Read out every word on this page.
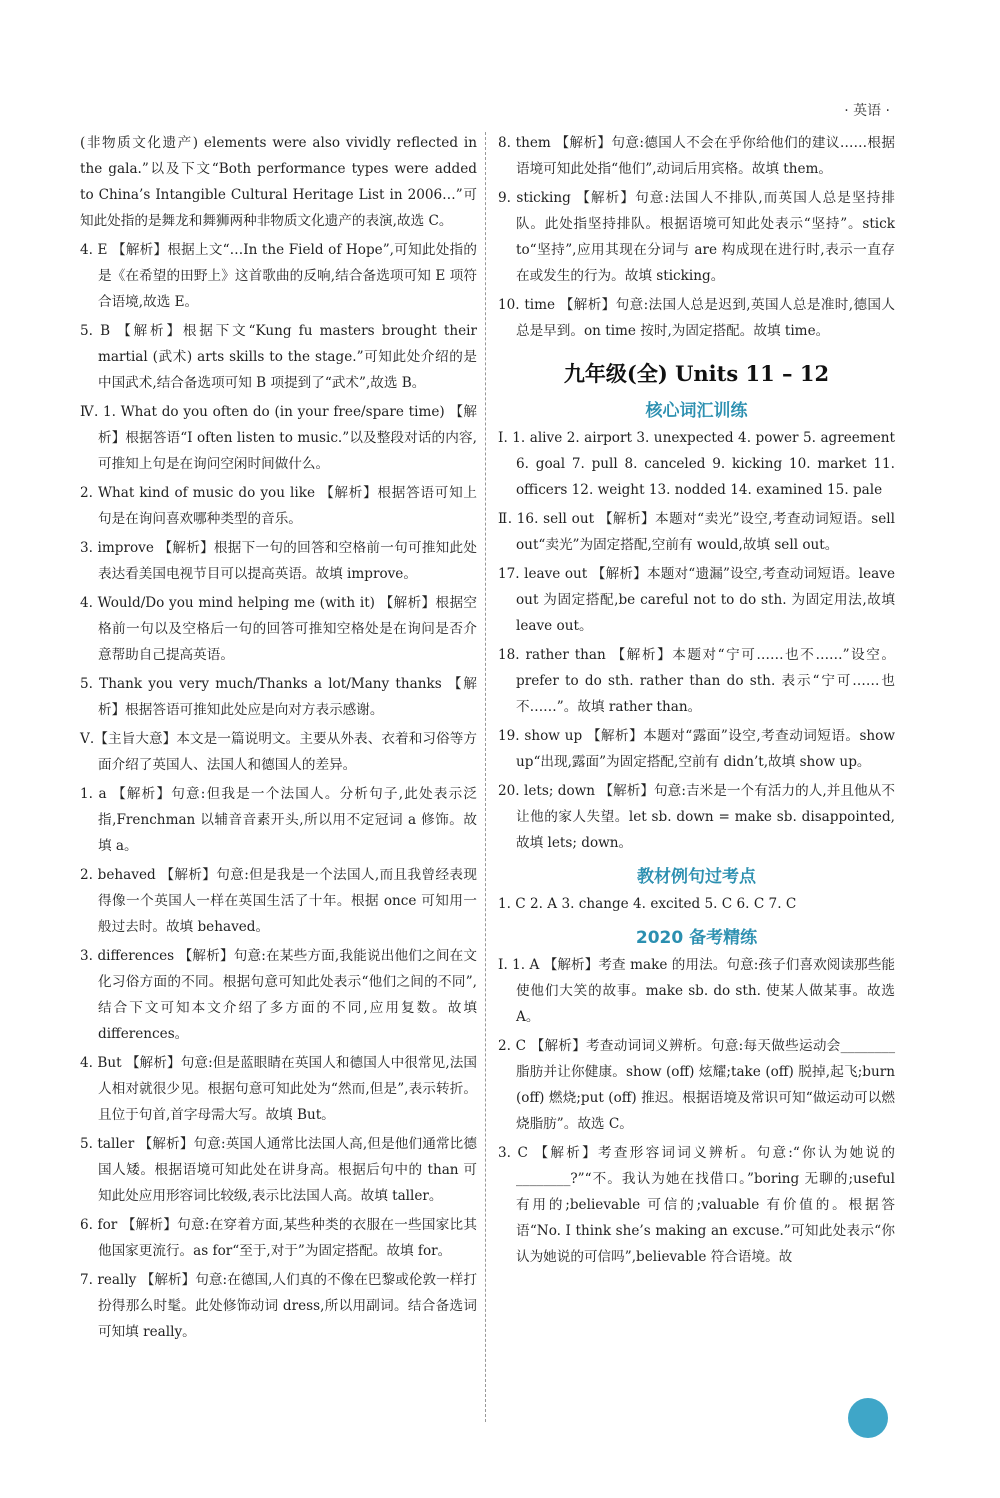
· 英语 ·
(非物质文化遗产) elements were also vividly reflected in the gala.”以及下文“Both performance types were added to China’s Intangible Cultural Heritage List in 2006…”可知此处指的是舞龙和舞狮两种非物质文化遗产的表演,故选 C。
4. E 【解析】根据上文“…In the Field of Hope”,可知此处指的是《在希望的田野上》这首歌曲的反响,结合备选项可知 E 项符合语境,故选 E。
5. B 【解析】根据下文“Kung fu masters brought their martial (武术) arts skills to the stage.”可知此处介绍的是中国武术,结合备选项可知 B 项提到了“武术”,故选 B。
Ⅳ. 1. What do you often do (in your free/spare time) 【解析】根据答语“I often listen to music.”以及整段对话的内容,可推知上句是在询问空闲时间做什么。
2. What kind of music do you like 【解析】根据答语可知上句是在询问喜欢哪种类型的音乐。
3. improve 【解析】根据下一句的回答和空格前一句可推知此处表达看美国电视节目可以提高英语。故填 improve。
4. Would/Do you mind helping me (with it) 【解析】根据空格前一句以及空格后一句的回答可推知空格处是在询问是否介意帮助自己提高英语。
5. Thank you very much/Thanks a lot/Many thanks 【解析】根据答语可推知此处应是向对方表示感谢。
Ⅴ.【主旨大意】本文是一篇说明文。主要从外表、衣着和习俗等方面介绍了英国人、法国人和德国人的差异。
1. a 【解析】句意:但我是一个法国人。分析句子,此处表示泛指,Frenchman 以辅音音素开头,所以用不定冠词 a 修饰。故填 a。
2. behaved 【解析】句意:但是我是一个法国人,而且我曾经表现得像一个英国人一样在英国生活了十年。根据 once 可知用一般过去时。故填 behaved。
3. differences 【解析】句意:在某些方面,我能说出他们之间在文化习俗方面的不同。根据句意可知此处表示“他们之间的不同”,结合下文可知本文介绍了多方面的不同,应用复数。故填 differences。
4. But 【解析】句意:但是蓝眼睛在英国人和德国人中很常见,法国人相对就很少见。根据句意可知此处为“然而,但是”,表示转折。且位于句首,首字母需大写。故填 But。
5. taller 【解析】句意:英国人通常比法国人高,但是他们通常比德国人矮。根据语境可知此处在讲身高。根据后句中的 than 可知此处应用形容词比较级,表示比法国人高。故填 taller。
6. for 【解析】句意:在穿着方面,某些种类的衣服在一些国家比其他国家更流行。as for“至于,对于”为固定搭配。故填 for。
7. really 【解析】句意:在德国,人们真的不像在巴黎或伦敦一样打扮得那么时髦。此处修饰动词 dress,所以用副词。结合备选词可知填 really。
8. them 【解析】句意:德国人不会在乎你给他们的建议……根据语境可知此处指“他们”,动词后用宾格。故填 them。
9. sticking 【解析】句意:法国人不排队,而英国人总是坚持排队。此处指坚持排队。根据语境可知此处表示“坚持”。stick to“坚持”,应用其现在分词与 are 构成现在进行时,表示一直存在或发生的行为。故填 sticking。
10. time 【解析】句意:法国人总是迟到,英国人总是准时,德国人总是早到。on time 按时,为固定搭配。故填 time。
九年级(全) Units 11 – 12
核心词汇训练
Ⅰ. 1. alive 2. airport 3. unexpected 4. power 5. agreement 6. goal 7. pull 8. canceled 9. kicking 10. market 11. officers 12. weight 13. nodded 14. examined 15. pale
Ⅱ. 16. sell out 【解析】本题对“卖光”设空,考查动词短语。sell out“卖光”为固定搭配,空前有 would,故填 sell out。
17. leave out 【解析】本题对“遗漏”设空,考查动词短语。leave out 为固定搭配,be careful not to do sth. 为固定用法,故填 leave out。
18. rather than 【解析】本题对“宁可……也不……”设空。prefer to do sth. rather than do sth. 表示“宁可……也不……”。故填 rather than。
19. show up 【解析】本题对“露面”设空,考查动词短语。show up“出现,露面”为固定搭配,空前有 didn’t,故填 show up。
20. lets; down 【解析】句意:吉米是一个有活力的人,并且他从不让他的家人失望。let sb. down = make sb. disappointed,故填 lets; down。
教材例句过考点
1. C 2. A 3. change 4. excited 5. C 6. C 7. C
2020 备考精练
Ⅰ. 1. A 【解析】考查 make 的用法。句意:孩子们喜欢阅读那些能使他们大笑的故事。make sb. do sth. 使某人做某事。故选 A。
2. C 【解析】考查动词词义辨析。句意:每天做些运动会________脂肪并让你健康。show (off) 炫耀;take (off) 脱掉,起飞;burn (off) 燃烧;put (off) 推迟。根据语境及常识可知“做运动可以燃烧脂肪”。故选 C。
3. C 【解析】考查形容词词义辨析。句意:“你认为她说的________?”“不。我认为她在找借口。”boring 无聊的;useful 有用的;believable 可信的;valuable 有价值的。根据答语“No. I think she’s making an excuse.”可知此处表示“你认为她说的可信吗”,believable 符合语境。故
